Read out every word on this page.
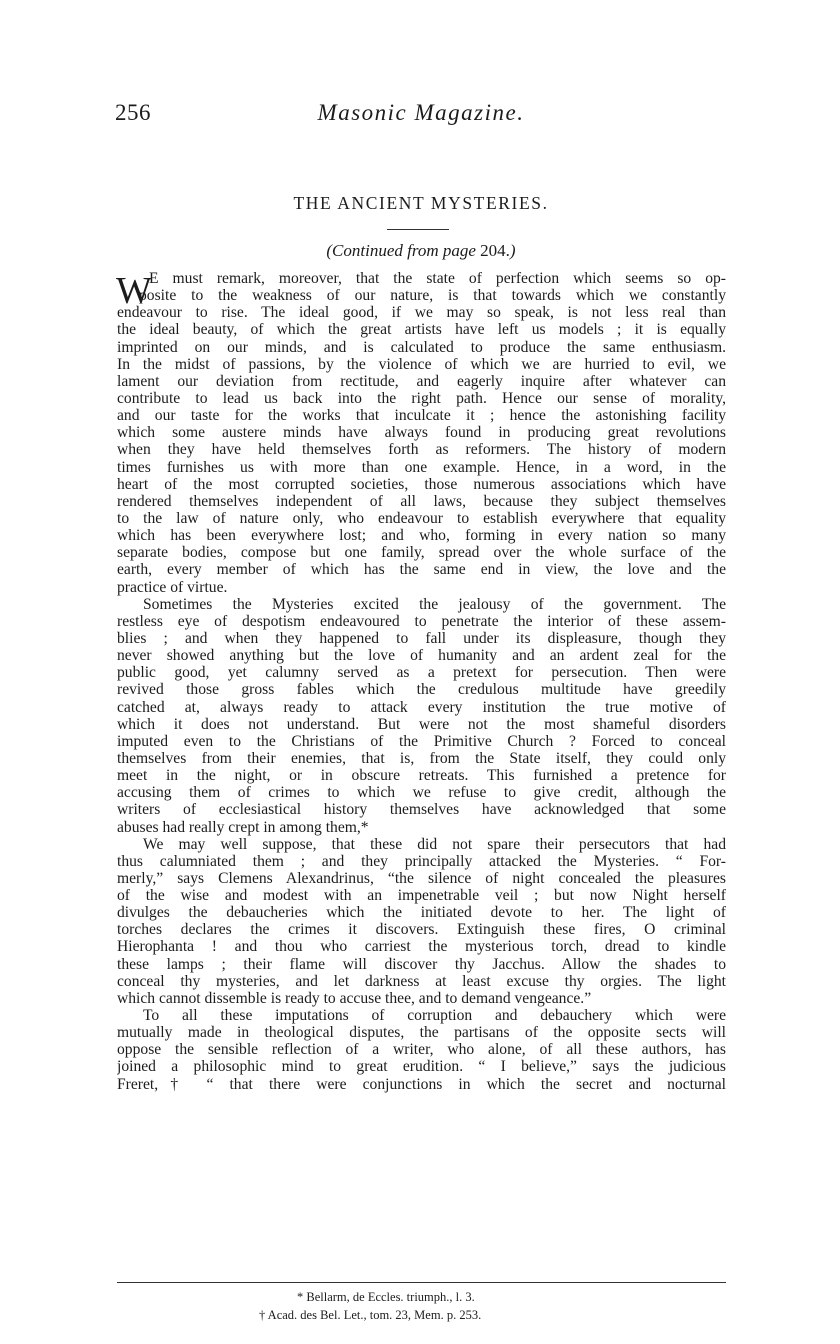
256	Masonic Magazine.
THE ANCIENT MYSTERIES.
(Continued from page 204.)
W
E must remark, moreover, that the state of perfection which seems so op-
posite to the weakness of our nature, is that towards which we constantly
endeavour to rise. The ideal good, if we may so speak, is not less real than
the ideal beauty, of which the great artists have left us models ; it is equally
imprinted on our minds, and is calculated to produce the same enthusiasm.
In the midst of passions, by the violence of which we are hurried to evil, we
lament our deviation from rectitude, and eagerly inquire after whatever can
contribute to lead us back into the right path. Hence our sense of morality,
and our taste for the works that inculcate it ; hence the astonishing facility
which some austere minds have always found in producing great revolutions
when they have held themselves forth as reformers. The history of modern
times furnishes us with more than one example. Hence, in a word, in the
heart of the most corrupted societies, those numerous associations which have
rendered themselves independent of all laws, because they subject themselves
to the law of nature only, who endeavour to establish everywhere that equality
which has been everywhere lost; and who, forming in every nation so many
separate bodies, compose but one family, spread over the whole surface of the
earth, every member of which has the same end in view, the love and the
practice of virtue.
Sometimes the Mysteries excited the jealousy of the government. The
restless eye of despotism endeavoured to penetrate the interior of these assem-
blies ; and when they happened to fall under its displeasure, though they
never showed anything but the love of humanity and an ardent zeal for the
public good, yet calumny served as a pretext for persecution. Then were
revived those gross fables which the credulous multitude have greedily
catched at, always ready to attack every institution the true motive of
which it does not understand. But were not the most shameful disorders
imputed even to the Christians of the Primitive Church ? Forced to conceal
themselves from their enemies, that is, from the State itself, they could only
meet in the night, or in obscure retreats. This furnished a pretence for
accusing them of crimes to which we refuse to give credit, although the
writers of ecclesiastical history themselves have acknowledged that some
abuses had really crept in among them,*
We may well suppose, that these did not spare their persecutors that had
thus calumniated them ; and they principally attacked the Mysteries. “ For-
merly,” says Clemens Alexandrinus, “the silence of night concealed the pleasures
of the wise and modest with an impenetrable veil ; but now Night herself
divulges the debaucheries which the initiated devote to her. The light of
torches declares the crimes it discovers. Extinguish these fires, O criminal
Hierophanta ! and thou who carriest the mysterious torch, dread to kindle
these lamps ; their flame will discover thy Jacchus. Allow the shades to
conceal thy mysteries, and let darkness at least excuse thy orgies. The light
which cannot dissemble is ready to accuse thee, and to demand vengeance.”
To all these imputations of corruption and debauchery which were
mutually made in theological disputes, the partisans of the opposite sects will
oppose the sensible reflection of a writer, who alone, of all these authors, has
joined a philosophic mind to great erudition. “ I believe,” says the judicious
Freret,† “ that there were conjunctions in which the secret and nocturnal
* Bellarm, de Eccles. triumph., l. 3.
† Acad. des Bel. Let., tom. 23, Mem. p. 253.
